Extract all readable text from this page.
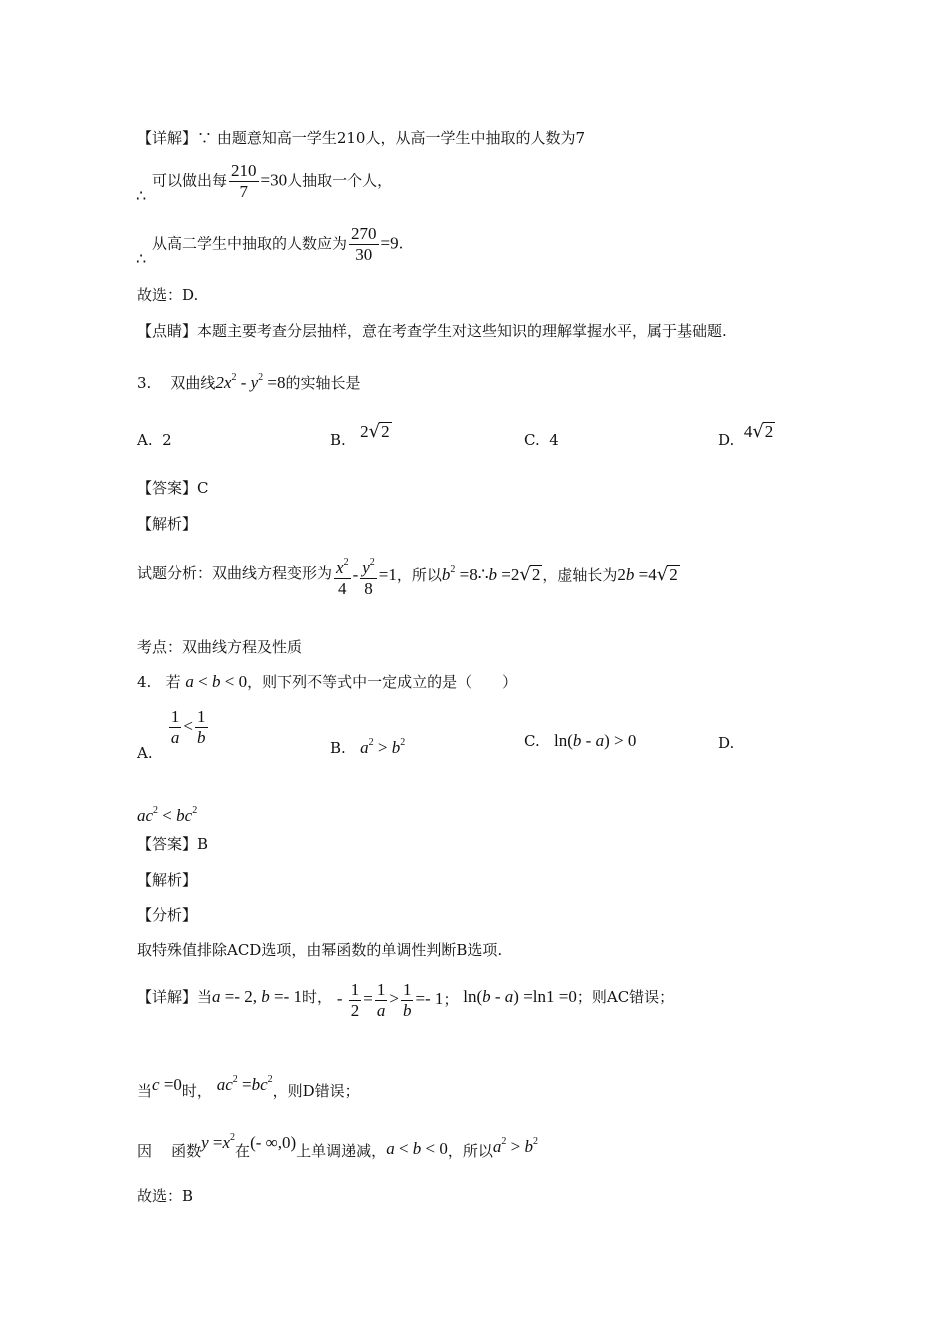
【详解】∵ 由题意知高一学生210人，从高一学生中抽取的人数为7
∴
可以做出每 $\frac{210}{7} =30$人抽取一个人，
∴
从高二学生中抽取的人数应为 $\frac{270}{30} =9$.
故选：D.
【点睛】本题主要考查分层抽样，意在考查学生对这些知识的理解掌握水平，属于基础题.
3. 双曲线$2x^2 - y^2 =8$的实轴长是
A. 2	B. 2√2	C. 4	D. 4√2
【答案】C
【解析】
试题分析：双曲线方程变形为 $\frac{x^2}{4} - \frac{y^2}{8} =1$，所以$b^2$ =8∴b =2√2 ，虚轴长为2b =4√2
考点：双曲线方程及性质
4. 若 a < b < 0，则下列不等式中一定成立的是（　　）
A.
$\frac{1}{a} < \frac{1}{b}$	B. $a^2 > b^2$	C. ln(b - a) > 0	D.
$ac^2 < bc^2$
【答案】B
【解析】
【分析】
取特殊值排除ACD选项，由幂函数的单调性判断B选项.
【详解】当a =- 2, b =- 1时， - $\frac{1}{2} = \frac{1}{a} > \frac{1}{b} =- 1$； ln(b - a) =ln1 =0；则AC错误；
当c =0时， $ac^2 =bc^2$，则D错误；
因 函数$y =x^2$在(- ∞,0)上单调递减，a < b < 0，所以$a^2 > b^2$
故选：B
